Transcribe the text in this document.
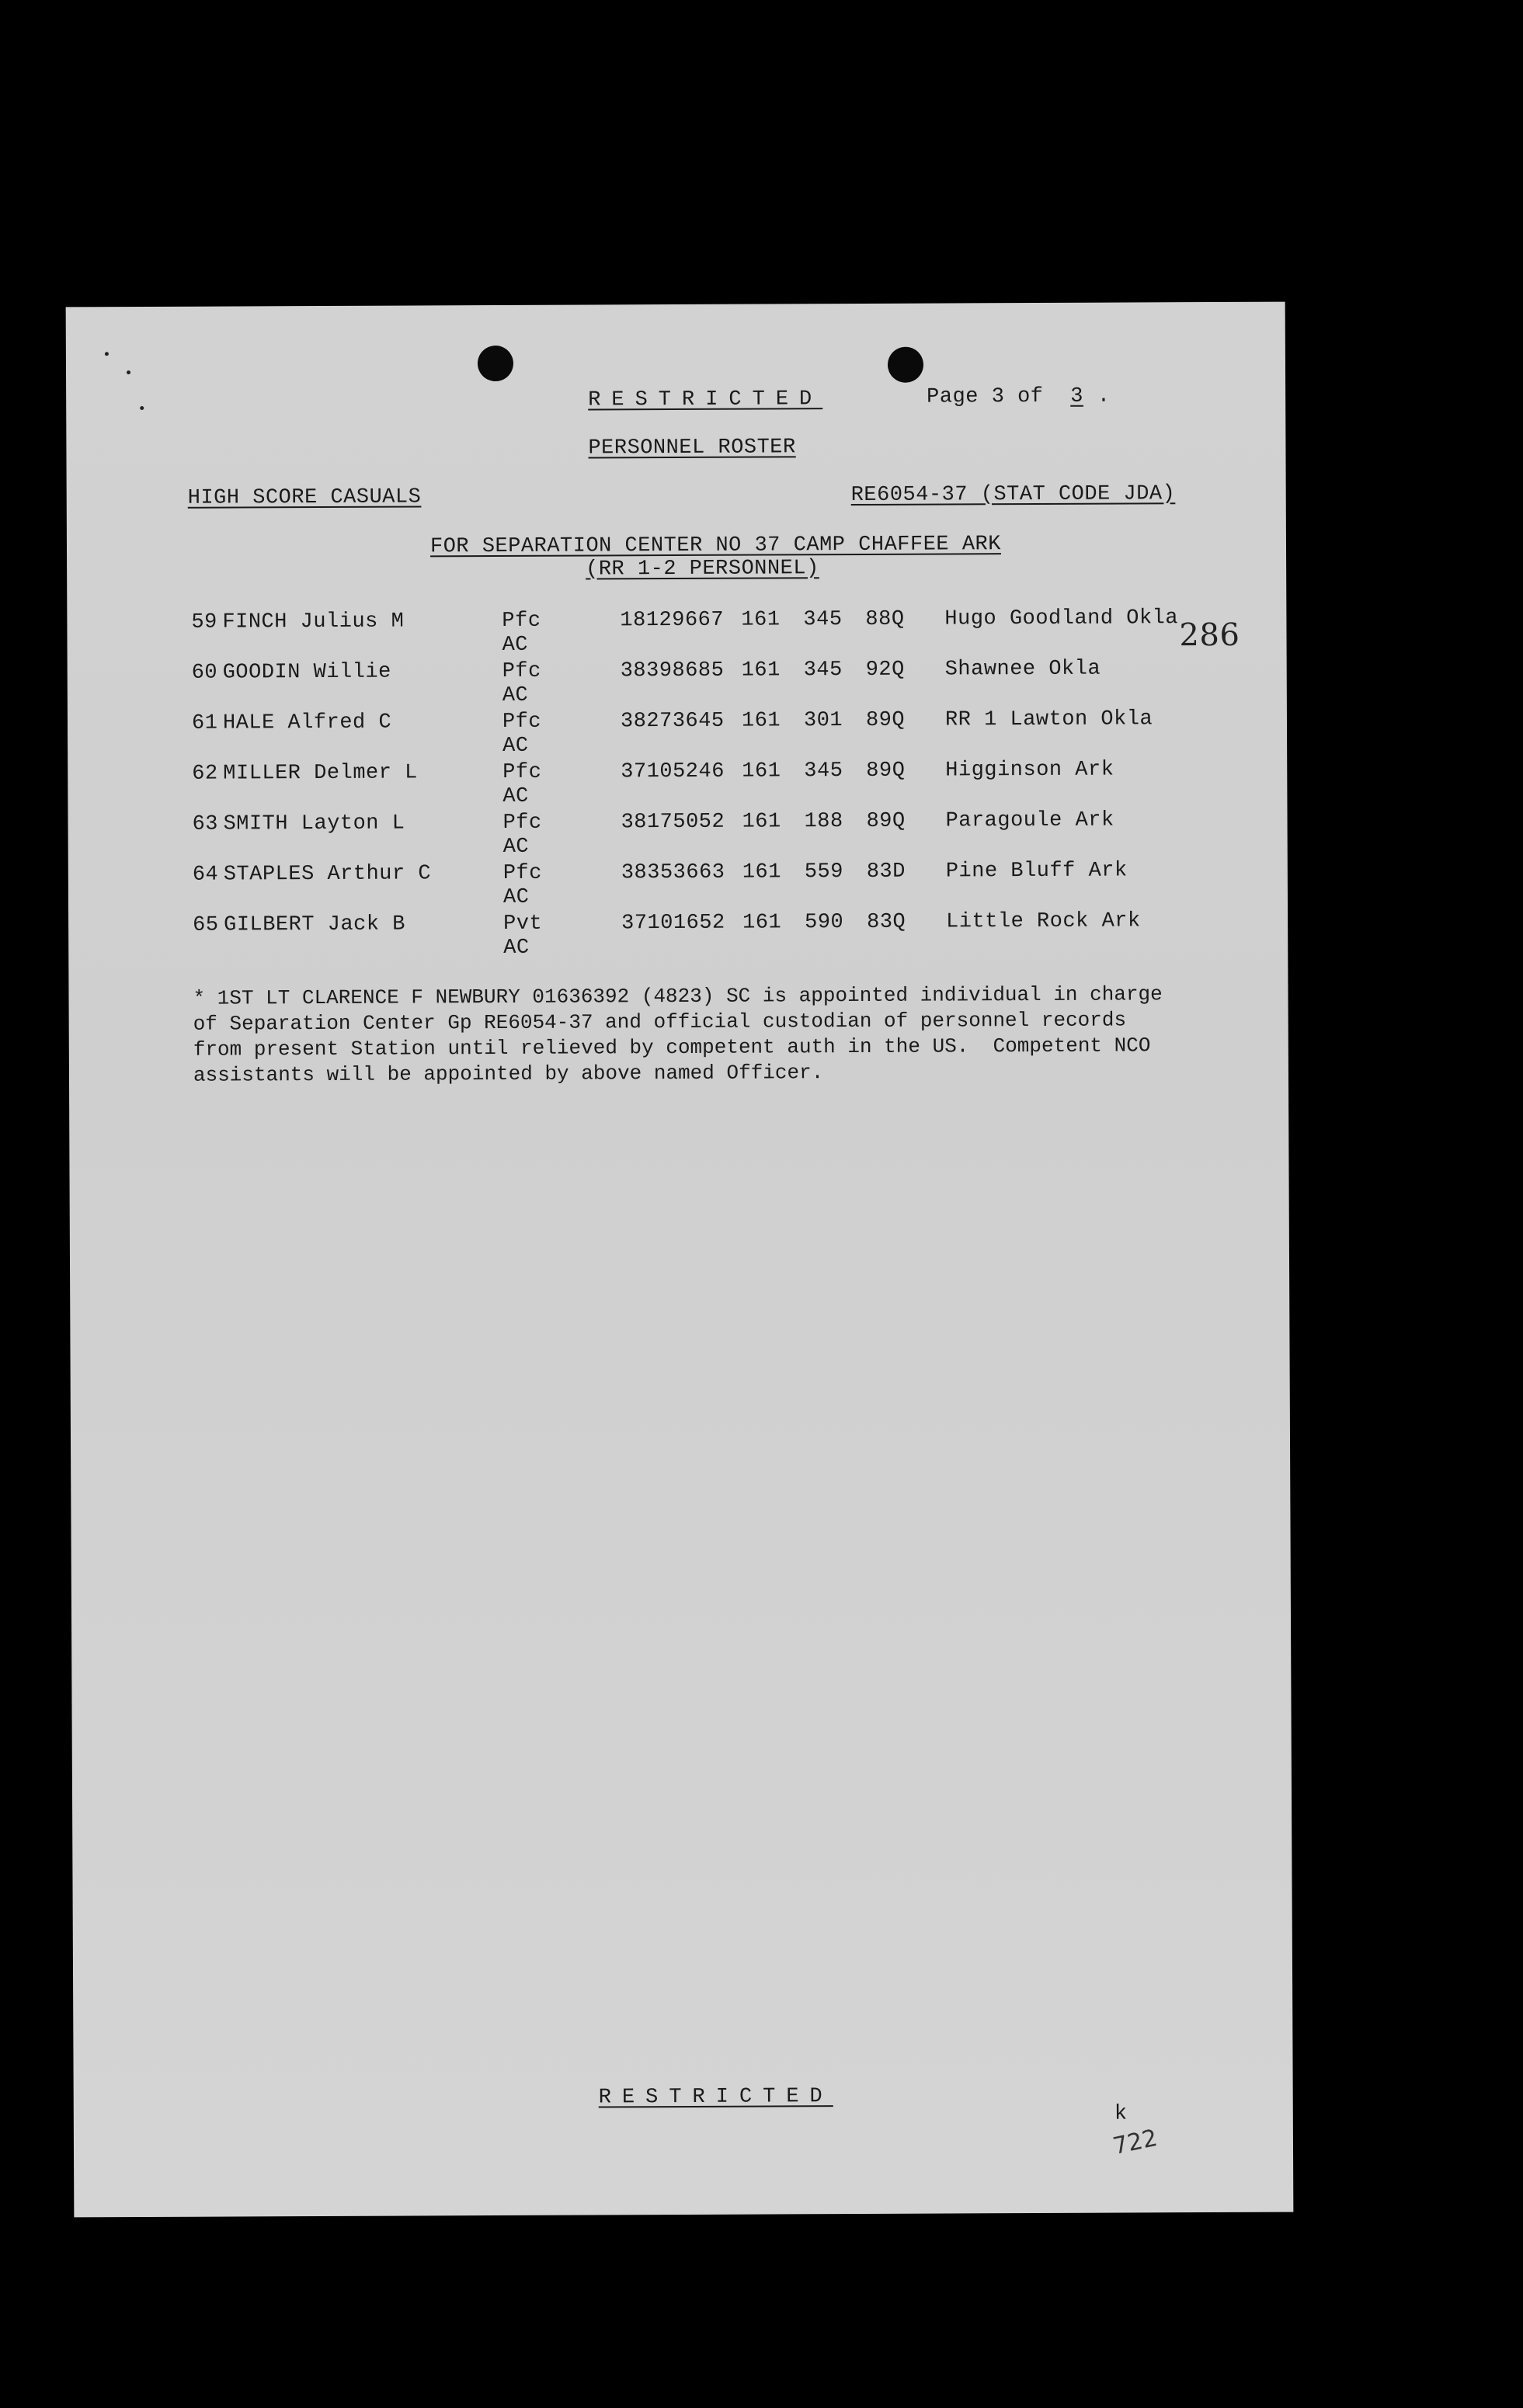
RESTRICTED	Page 3 of 3 .
PERSONNEL ROSTER
HIGH SCORE CASUALS	RE6054-37 (STAT CODE JDA)
FOR SEPARATION CENTER NO 37 CAMP CHAFFEE ARK
(RR 1-2 PERSONNEL)
286
59 FINCH Julius M	Pfc	18129667 161 345 88Q Hugo Goodland Okla
AC
60 GOODIN Willie	Pfc	38398685 161 345 92Q Shawnee Okla
AC
61 HALE Alfred C	Pfc	38273645 161 301 89Q RR 1 Lawton Okla
AC
62 MILLER Delmer L	Pfc	37105246 161 345 89Q Higginson Ark
AC
63 SMITH Layton L	Pfc	38175052 161 188 89Q Paragoule Ark
AC
64 STAPLES Arthur C	Pfc	38353663 161 559 83D Pine Bluff Ark
AC
65 GILBERT Jack B	Pvt	37101652 161 590 83Q Little Rock Ark
AC
* 1ST LT CLARENCE F NEWBURY 01636392 (4823) SC is appointed individual in charge
of Separation Center Gp RE6054-37 and official custodian of personnel records
from present Station until relieved by competent auth in the US.  Competent NCO
assistants will be appointed by above named Officer.
RESTRICTED
k
722
